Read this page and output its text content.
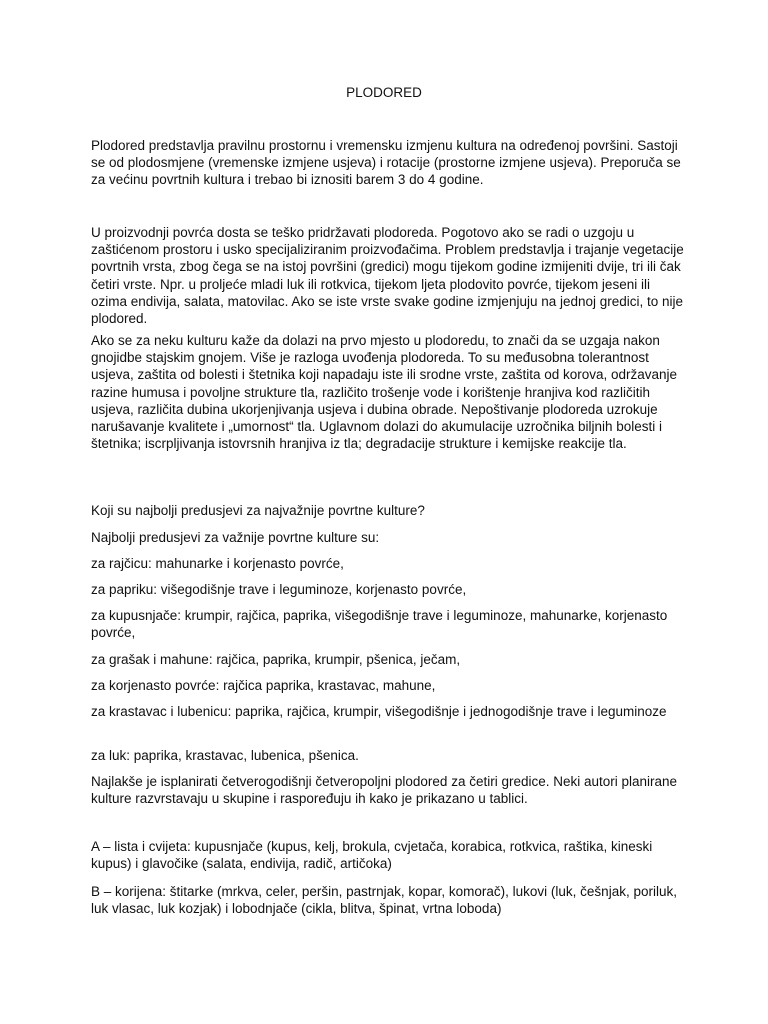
PLODORED

Plodored predstavlja pravilnu prostornu i vremensku izmjenu kultura na određenoj površini. Sastoji se od plodosmjene (vremenske izmjene usjeva) i rotacije (prostorne izmjene usjeva). Preporuča se za većinu povrtnih kultura i trebao bi iznositi barem 3 do 4 godine.

U proizvodnji povrća dosta se teško pridržavati plodoreda. Pogotovo ako se radi o uzgoju u zaštićenom prostoru i usko specijaliziranim proizvođačima. Problem predstavlja i trajanje vegetacije povrtnih vrsta, zbog čega se na istoj površini (gredici) mogu tijekom godine izmijeniti dvije, tri ili čak četiri vrste. Npr. u proljeće mladi luk ili rotkvica, tijekom ljeta plodovito povrće, tijekom jeseni ili ozima endivija, salata, matovilac. Ako se iste vrste svake godine izmjenjuju na jednoj gredici, to nije plodored.

Ako se za neku kulturu kaže da dolazi na prvo mjesto u plodoredu, to znači da se uzgaja nakon gnojidbe stajskim gnojem. Više je razloga uvođenja plodoreda. To su međusobna tolerantnost usjeva, zaštita od bolesti i štetnika koji napadaju iste ili srodne vrste, zaštita od korova, održavanje razine humusa i povoljne strukture tla, različito trošenje vode i korištenje hranjiva kod različitih usjeva, različita dubina ukorjenjivanja usjeva i dubina obrade. Nepoštivanje plodoreda uzrokuje narušavanje kvalitete i „umornost“ tla. Uglavnom dolazi do akumulacije uzročnika biljnih bolesti i štetnika; iscrpljivanja istovrsnih hranjiva iz tla; degradacije strukture i kemijske reakcije tla.

Koji su najbolji predusjevi za najvažnije povrtne kulture?

Najbolji predusjevi za važnije povrtne kulture su:

za rajčicu: mahunarke i korjenasto povrće,

za papriku: višegodišnje trave i leguminoze, korjenasto povrće,

za kupusnjače: krumpir, rajčica, paprika, višegodišnje trave i leguminoze, mahunarke, korjenasto povrće,

za grašak i mahune: rajčica, paprika, krumpir, pšenica, ječam,

za korjenasto povrće: rajčica paprika, krastavac, mahune,

za krastavac i lubenicu: paprika, rajčica, krumpir, višegodišnje i jednogodišnje trave i leguminoze

za luk: paprika, krastavac, lubenica, pšenica.

Najlakše je isplanirati četverogodišnji četveropoljni plodored za četiri gredice. Neki autori planirane kulture razvrstavaju u skupine i raspoređuju ih kako je prikazano u tablici.

A – lista i cvijeta: kupusnjače (kupus, kelj, brokula, cvjetača, korabica, rotkvica, raštika, kineski kupus) i glavočike (salata, endivija, radič, artičoka)

B – korijena: štitarke (mrkva, celer, peršin, pastrnjak, kopar, komorač), lukovi (luk, češnjak, poriluk, luk vlasac, luk kozjak) i lobodnjače (cikla, blitva, špinat, vrtna loboda)
